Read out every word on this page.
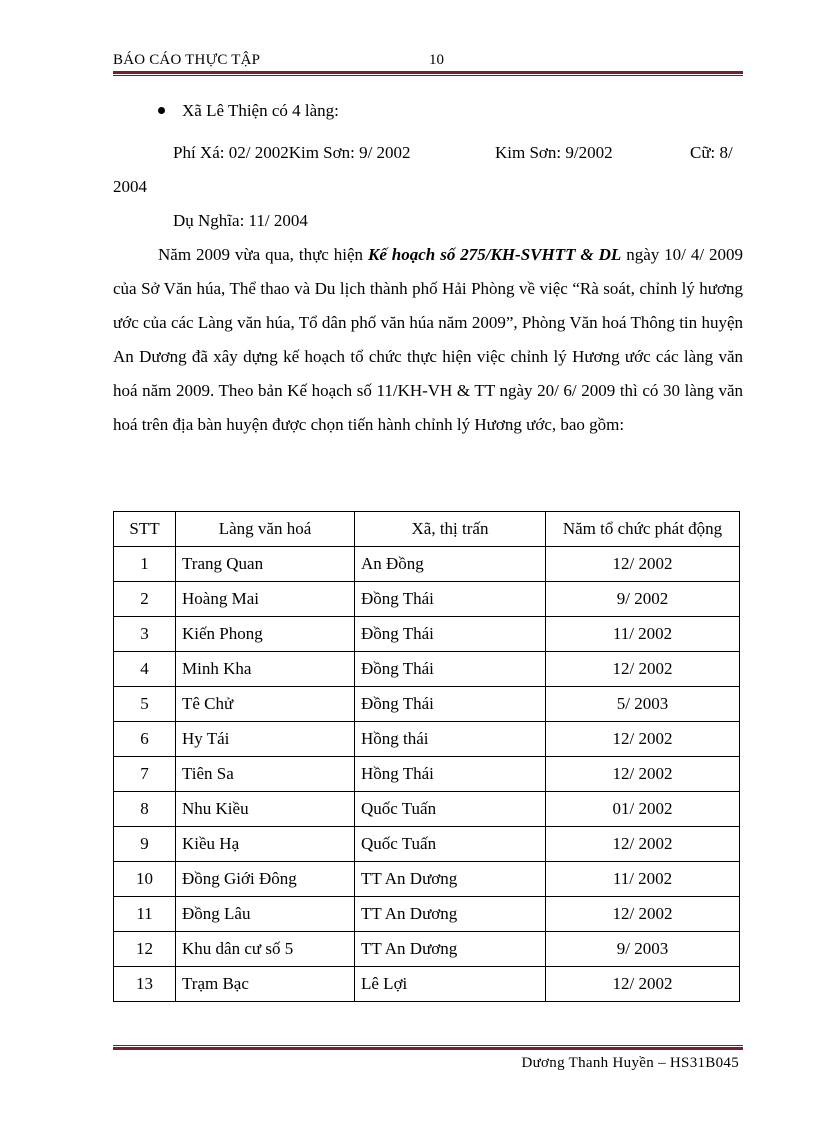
BÁO CÁO THỰC TẬP	10
Xã Lê Thiện có 4 làng:
Phí Xá: 02/ 2002Kim Sơn: 9/ 2002	Kim Sơn: 9/2002	Cữ: 8/
2004
Dụ Nghĩa: 11/ 2004
Năm 2009 vừa qua, thực hiện Kế hoạch số 275/KH-SVHTT & DL ngày 10/ 4/ 2009 của Sở Văn húa, Thể thao và Du lịch thành phố Hải Phòng về việc “Rà soát, chỉnh lý hương ước của các Làng văn húa, Tổ dân phố văn húa năm 2009”, Phòng Văn hoá Thông tin huyện An Dương đã xây dựng kế hoạch tổ chức thực hiện việc chỉnh lý Hương ước các làng văn hoá năm 2009. Theo bản Kế hoạch số 11/KH-VH & TT ngày 20/ 6/ 2009 thì có 30 làng văn hoá trên địa bàn huyện được chọn tiến hành chỉnh lý Hương ước, bao gồm:
STT	Làng văn hoá	Xã, thị trấn	Năm tổ chức phát động
1	Trang Quan	An Đồng	12/ 2002
2	Hoàng Mai	Đồng Thái	9/ 2002
3	Kiến Phong	Đồng Thái	11/ 2002
4	Minh Kha	Đồng Thái	12/ 2002
5	Tê Chử	Đồng Thái	5/ 2003
6	Hy Tái	Hồng thái	12/ 2002
7	Tiên Sa	Hồng Thái	12/ 2002
8	Nhu Kiều	Quốc Tuấn	01/ 2002
9	Kiều Hạ	Quốc Tuấn	12/ 2002
10	Đồng Giới Đông	TT An Dương	11/ 2002
11	Đồng Lâu	TT An Dương	12/ 2002
12	Khu dân cư số 5	TT An Dương	9/ 2003
13	Trạm Bạc	Lê Lợi	12/ 2002
Dương Thanh Huyền – HS31B045
